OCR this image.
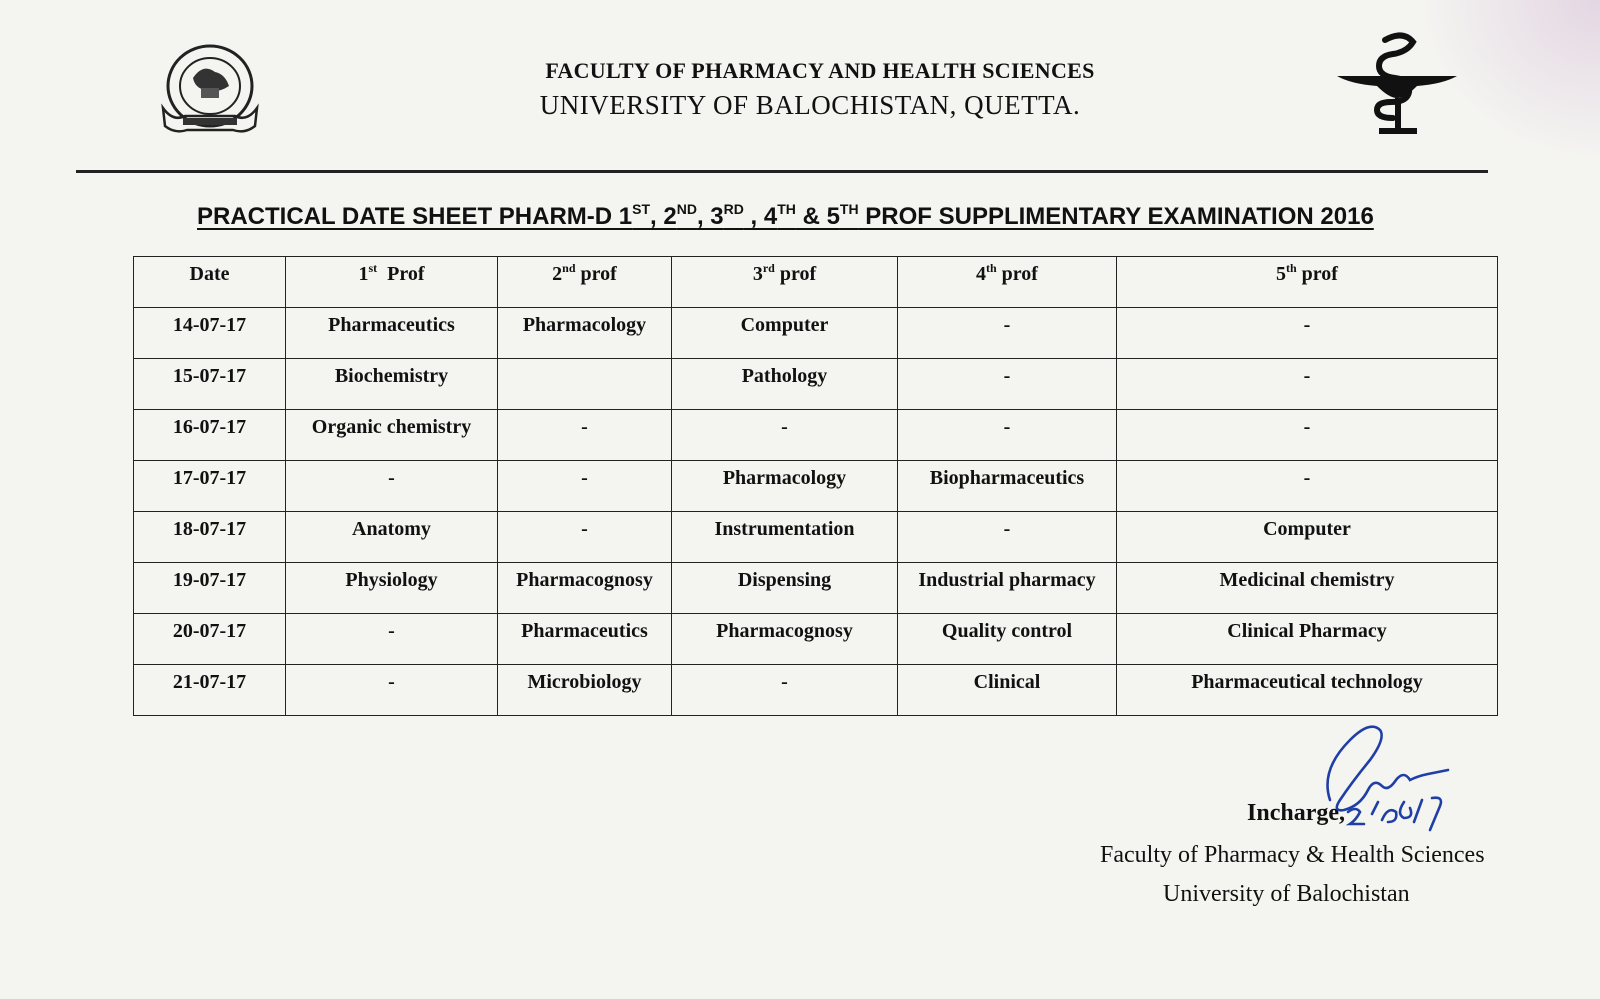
FACULTY OF PHARMACY AND HEALTH SCIENCES
UNIVERSITY OF BALOCHISTAN, QUETTA.
PRACTICAL DATE SHEET PHARM-D 1ST, 2ND, 3RD , 4TH & 5TH PROF SUPPLIMENTARY EXAMINATION 2016
Date	1st  Prof	2nd prof	3rd prof	4th prof	5th prof
14-07-17	Pharmaceutics	Pharmacology	Computer	-	-
15-07-17	Biochemistry		Pathology	-	-
16-07-17	Organic chemistry	-	-	-	-
17-07-17	-	-	Pharmacology	Biopharmaceutics	-
18-07-17	Anatomy	-	Instrumentation	-	Computer
19-07-17	Physiology	Pharmacognosy	Dispensing	Industrial pharmacy	Medicinal chemistry
20-07-17	-	Pharmaceutics	Pharmacognosy	Quality control	Clinical Pharmacy
21-07-17	-	Microbiology	-	Clinical	Pharmaceutical technology
Incharge,
Faculty of Pharmacy & Health Sciences
University of Balochistan
